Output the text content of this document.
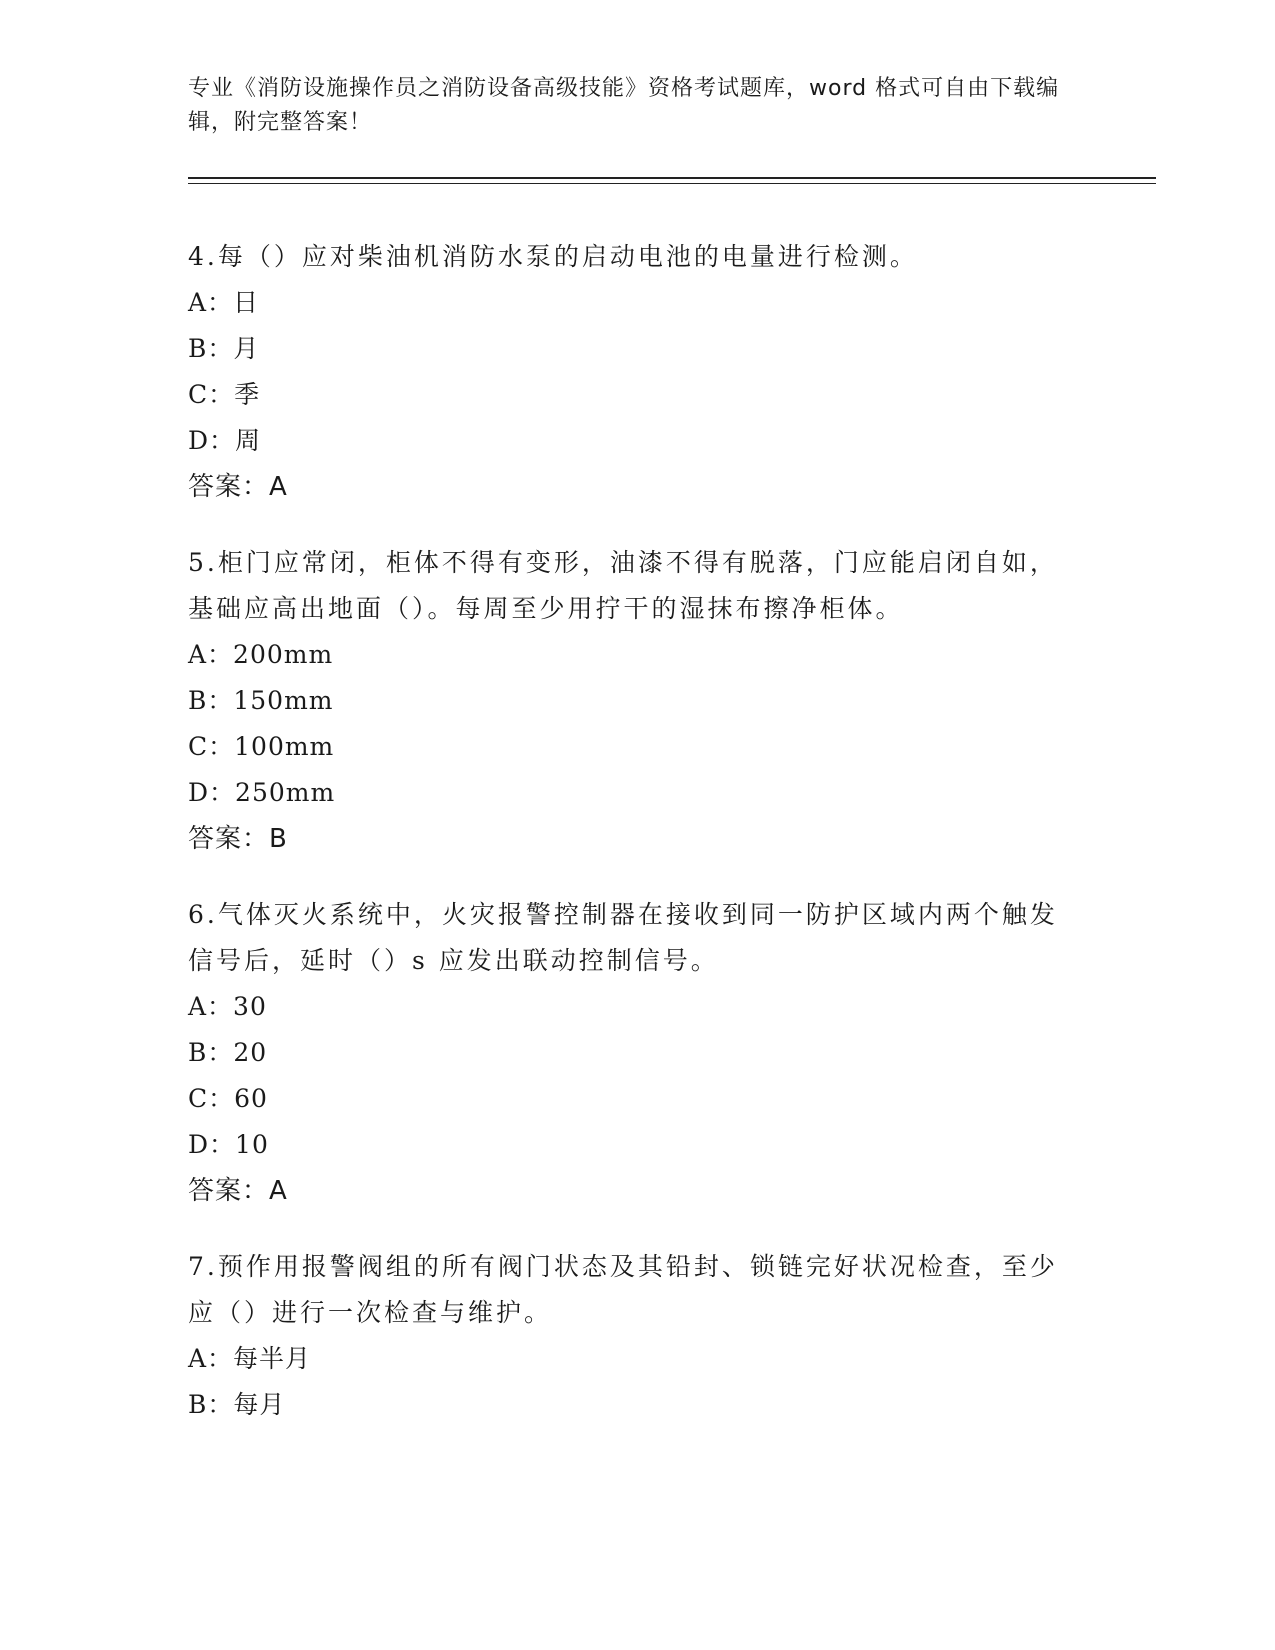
专业《消防设施操作员之消防设备高级技能》资格考试题库，word 格式可自由下载编辑，附完整答案！

4.每（）应对柴油机消防水泵的启动电池的电量进行检测。

A：日

B：月

C：季

D：周

答案：A

5.柜门应常闭，柜体不得有变形，油漆不得有脱落，门应能启闭自如，基础应高出地面（）。每周至少用拧干的湿抹布擦净柜体。

A：200mm

B：150mm

C：100mm

D：250mm

答案：B

6.气体灭火系统中，火灾报警控制器在接收到同一防护区域内两个触发信号后，延时（）s 应发出联动控制信号。

A：30

B：20

C：60

D：10

答案：A

7.预作用报警阀组的所有阀门状态及其铅封、锁链完好状况检查，至少应（）进行一次检查与维护。

A：每半月

B：每月
